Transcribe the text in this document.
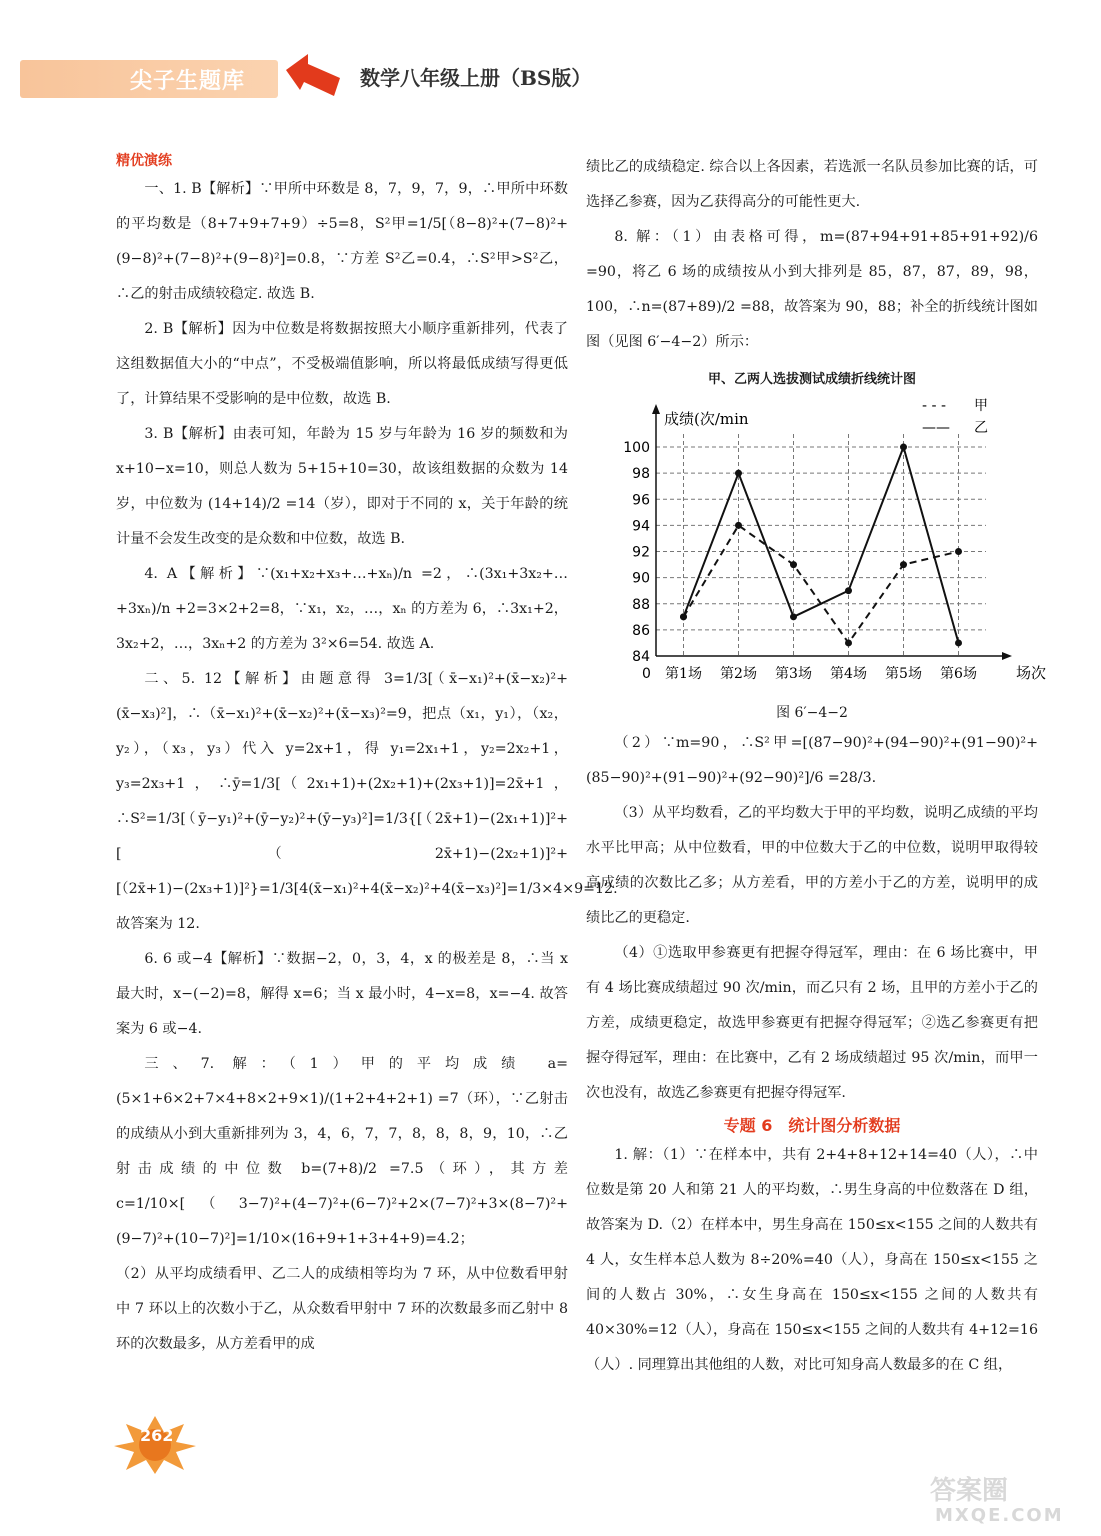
尖子生题库	数学八年级上册（BS版）

精优演练

一、1. B【解析】∵甲所中环数是 8，7，9，7，9，∴甲所中环数的平均数是（8+7+9+7+9）÷5=8，S²甲=1/5[（8−8)²+(7−8)²+(9−8)²+(7−8)²+(9−8)²]=0.8，∵方差 S²乙=0.4，∴S²甲>S²乙，∴乙的射击成绩较稳定. 故选 B.

2. B【解析】因为中位数是将数据按照大小顺序重新排列，代表了这组数据值大小的“中点”，不受极端值影响，所以将最低成绩写得更低了，计算结果不受影响的是中位数，故选 B.

3. B【解析】由表可知，年龄为 15 岁与年龄为 16 岁的频数和为 x+10−x=10，则总人数为 5+15+10=30，故该组数据的众数为 14 岁，中位数为 (14+14)/2 =14（岁），即对于不同的 x，关于年龄的统计量不会发生改变的是众数和中位数，故选 B.

4. A【解析】∵(x₁+x₂+x₃+…+xₙ)/n =2，∴(3x₁+3x₂+…+3xₙ)/n +2=3×2+2=8，∵x₁，x₂，…，xₙ 的方差为 6，∴3x₁+2，3x₂+2，…，3xₙ+2 的方差为 3²×6=54. 故选 A.

二、5. 12【解析】由题意得 3=1/3[（x̄−x₁)²+(x̄−x₂)²+(x̄−x₃)²]，∴（x̄−x₁)²+(x̄−x₂)²+(x̄−x₃)²=9，把点（x₁，y₁），（x₂，y₂），（x₃，y₃）代入 y=2x+1，得 y₁=2x₁+1，y₂=2x₂+1，y₃=2x₃+1，∴ȳ=1/3[（2x₁+1)+(2x₂+1)+(2x₃+1)]=2x̄+1，∴S²=1/3[（ȳ−y₁)²+(ȳ−y₂)²+(ȳ−y₃)²]=1/3{[（2x̄+1)−(2x₁+1)]²+[（2x̄+1)−(2x₂+1)]²+[（2x̄+1)−(2x₃+1)]²}=1/3[4(x̄−x₁)²+4(x̄−x₂)²+4(x̄−x₃)²]=1/3×4×9=12. 故答案为 12.

6. 6 或−4【解析】∵数据−2，0，3，4，x 的极差是 8，∴当 x 最大时，x−(−2)=8，解得 x=6；当 x 最小时，4−x=8，x=−4. 故答案为 6 或−4.

三、7. 解：（1）甲的平均成绩 a=(5×1+6×2+7×4+8×2+9×1)/(1+2+4+2+1) =7（环），∵乙射击的成绩从小到大重新排列为 3，4，6，7，7，8，8，8，9，10，∴乙射击成绩的中位数 b=(7+8)/2 =7.5（环），其方差 c=1/10×[（3−7)²+(4−7)²+(6−7)²+2×(7−7)²+3×(8−7)²+(9−7)²+(10−7)²]=1/10×(16+9+1+3+4+9)=4.2；

（2）从平均成绩看甲、乙二人的成绩相等均为 7 环，从中位数看甲射中 7 环以上的次数小于乙，从众数看甲射中 7 环的次数最多而乙射中 8 环的次数最多，从方差看甲的成

绩比乙的成绩稳定. 综合以上各因素，若选派一名队员参加比赛的话，可选择乙参赛，因为乙获得高分的可能性更大.

8. 解：（1）由表格可得，m=(87+94+91+85+91+92)/6 =90，将乙 6 场的成绩按从小到大排列是 85，87，87，89，98，100，∴n=(87+89)/2 =88，故答案为 90，88；补全的折线统计图如图（见图 6′−4−2）所示：

甲、乙两人选拔测试成绩折线统计图

84
86
88
90
92
94
96
98
100
第1场 第2场 第3场 第4场 第5场 第6场
成绩(次/min
场次
0
- - - 甲
—— 乙

图 6′−4−2

（2）∵m=90，∴S²甲=[(87−90)²+(94−90)²+(91−90)²+(85−90)²+(91−90)²+(92−90)²]/6 =28/3.

（3）从平均数看，乙的平均数大于甲的平均数，说明乙成绩的平均水平比甲高；从中位数看，甲的中位数大于乙的中位数，说明甲取得较高成绩的次数比乙多；从方差看，甲的方差小于乙的方差，说明甲的成绩比乙的更稳定.

（4）①选取甲参赛更有把握夺得冠军，理由：在 6 场比赛中，甲有 4 场比赛成绩超过 90 次/min，而乙只有 2 场，且甲的方差小于乙的方差，成绩更稳定，故选甲参赛更有把握夺得冠军；②选乙参赛更有把握夺得冠军，理由：在比赛中，乙有 2 场成绩超过 95 次/min，而甲一次也没有，故选乙参赛更有把握夺得冠军.

专题 6　统计图分析数据

1. 解：（1）∵在样本中，共有 2+4+8+12+14=40（人），∴中位数是第 20 人和第 21 人的平均数，∴男生身高的中位数落在 D 组，故答案为 D.（2）在样本中，男生身高在 150≤x<155 之间的人数共有 4 人，女生样本总人数为 8÷20%=40（人），身高在 150≤x<155 之间的人数占 30%，∴女生身高在 150≤x<155 之间的人数共有 40×30%=12（人），身高在 150≤x<155 之间的人数共有 4+12=16（人）. 同理算出其他组的人数，对比可知身高人数最多的在 C 组，

262
答案圈
MXQE.COM
